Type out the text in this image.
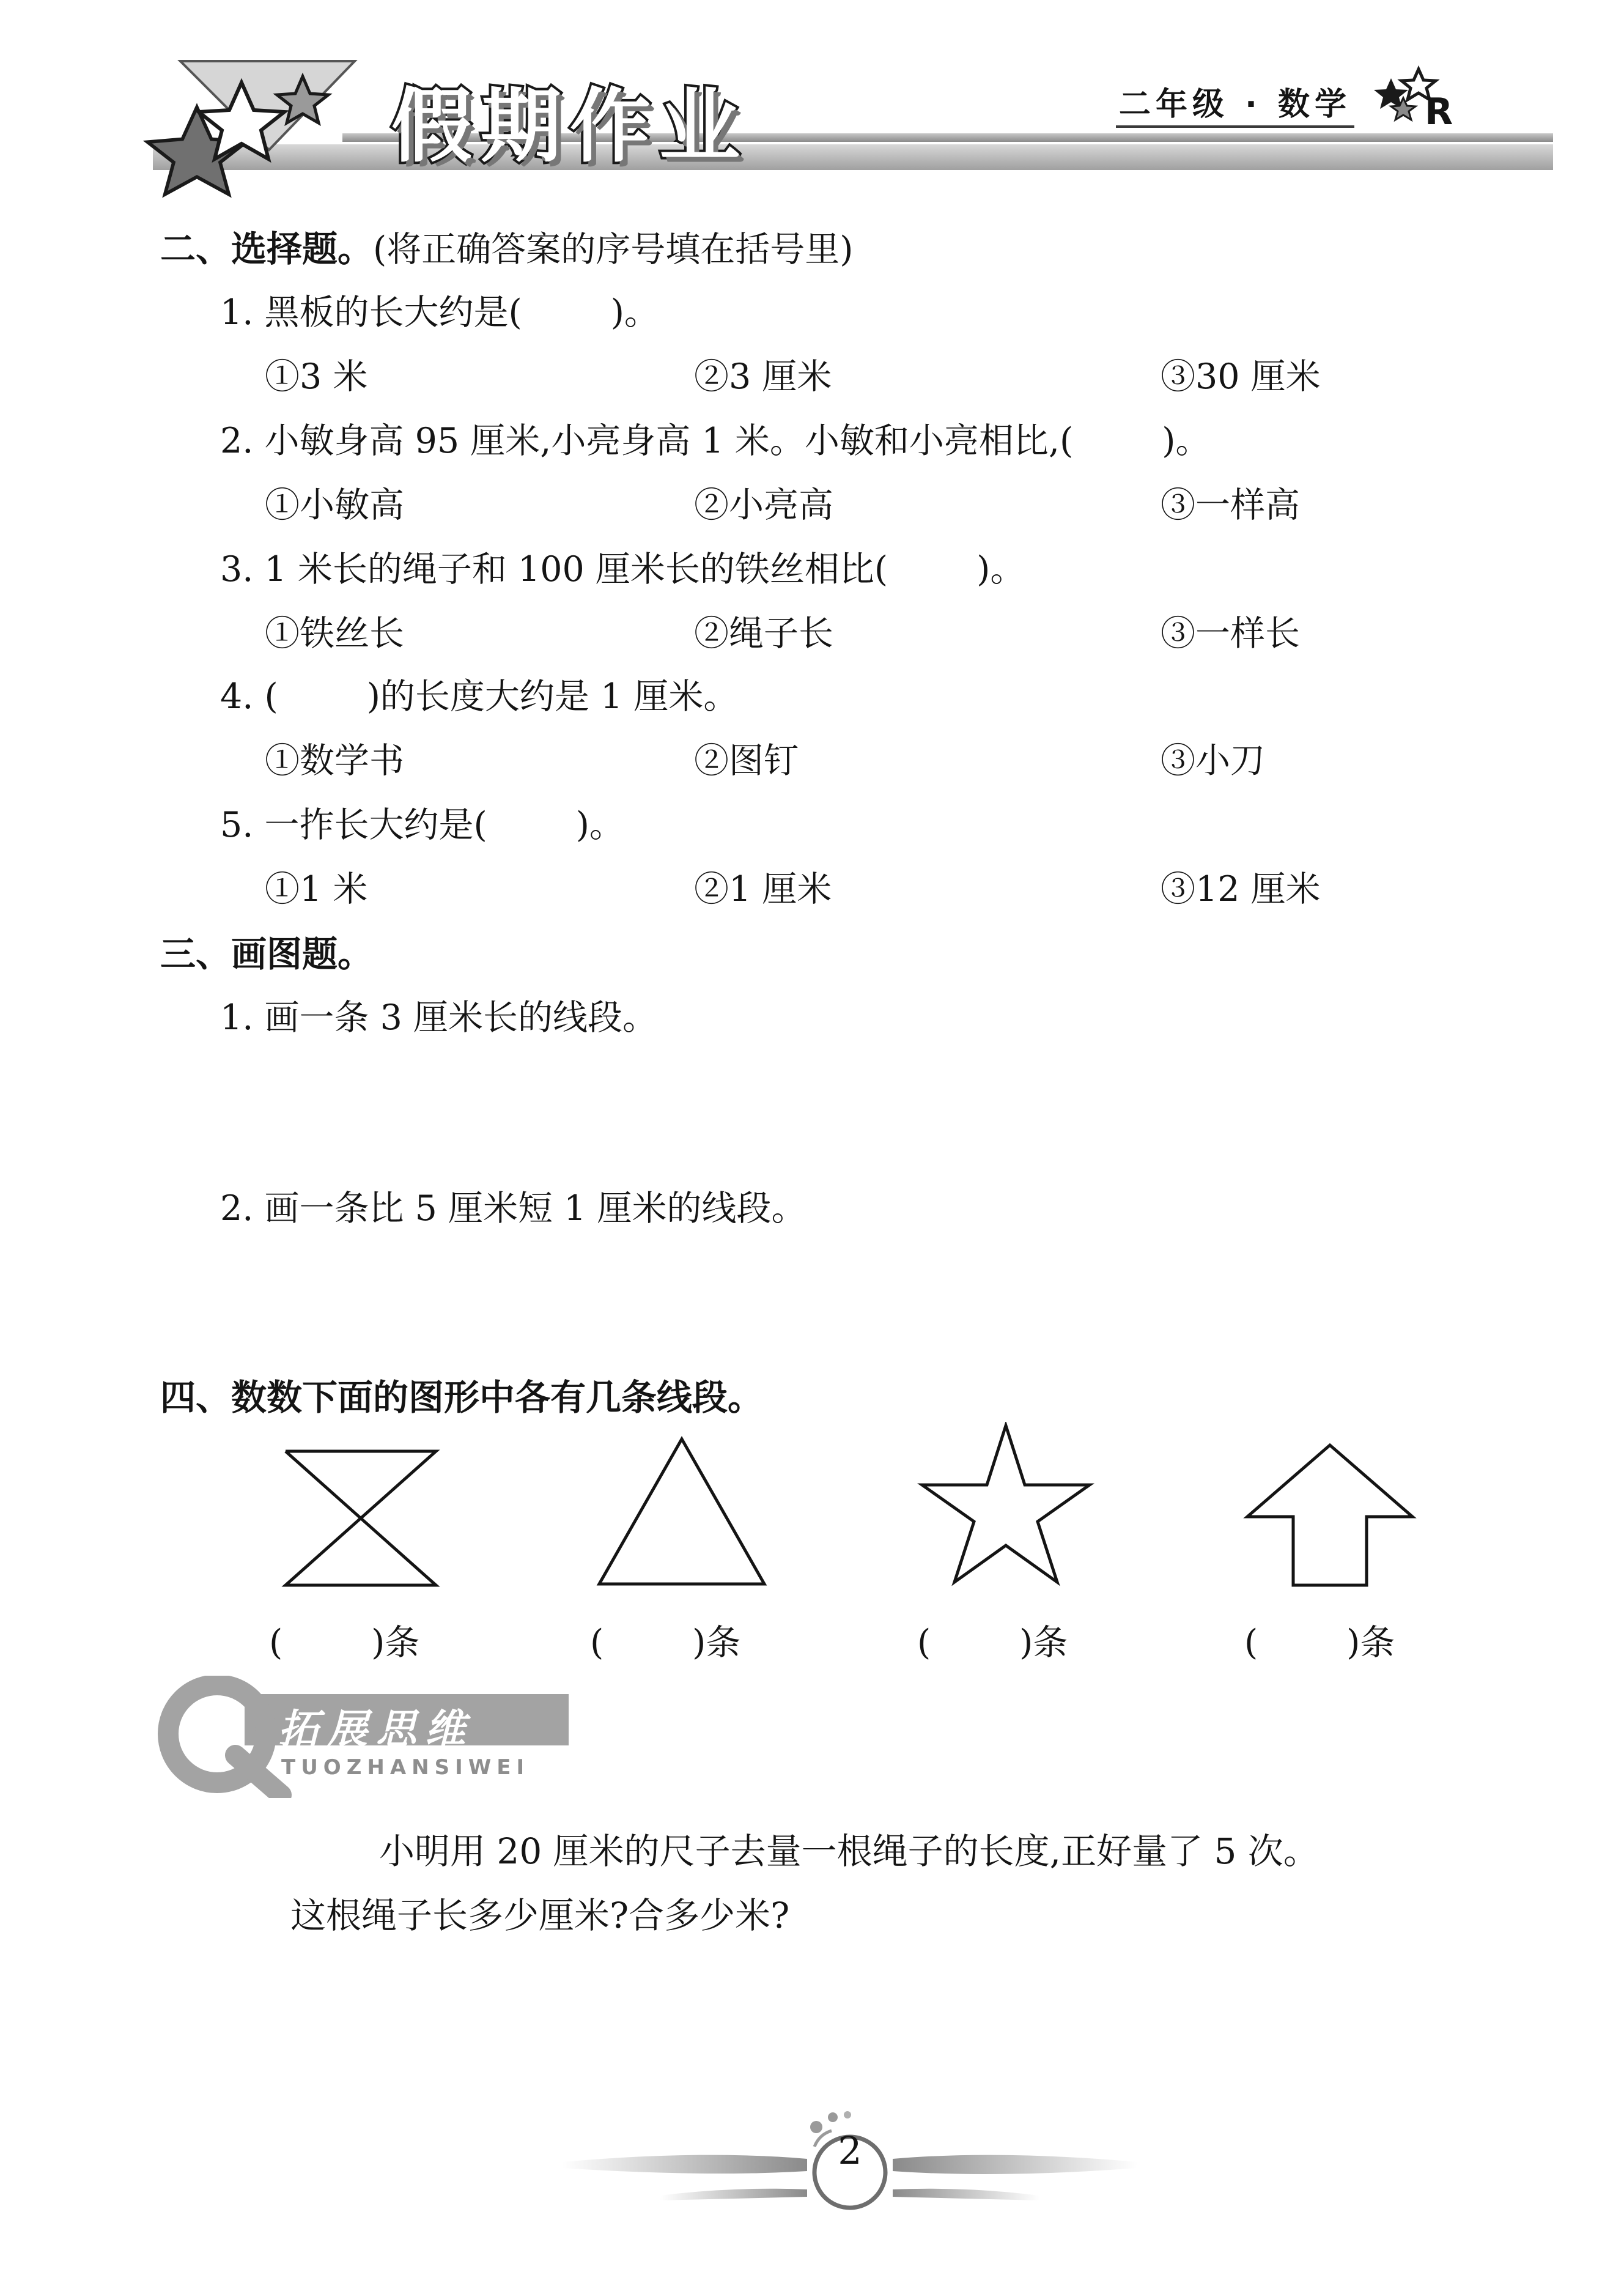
假期作业	二年级 · 数学 R
二、选择题。(将正确答案的序号填在括号里)
1. 黑板的长大约是(        )。
①3 米	②3 厘米	③30 厘米
2. 小敏身高 95 厘米,小亮身高 1 米。小敏和小亮相比,(        )。
①小敏高	②小亮高	③一样高
3. 1 米长的绳子和 100 厘米长的铁丝相比(        )。
①铁丝长	②绳子长	③一样长
4. (        )的长度大约是 1 厘米。
①数学书	②图钉	③小刀
5. 一拃长大约是(        )。
①1 米	②1 厘米	③12 厘米
三、画图题。
1. 画一条 3 厘米长的线段。
2. 画一条比 5 厘米短 1 厘米的线段。
四、数数下面的图形中各有几条线段。
(        )条	(        )条	(        )条	(        )条
拓展思维
TUOZHANSIWEI
小明用 20 厘米的尺子去量一根绳子的长度,正好量了 5 次。
这根绳子长多少厘米?合多少米?
2
